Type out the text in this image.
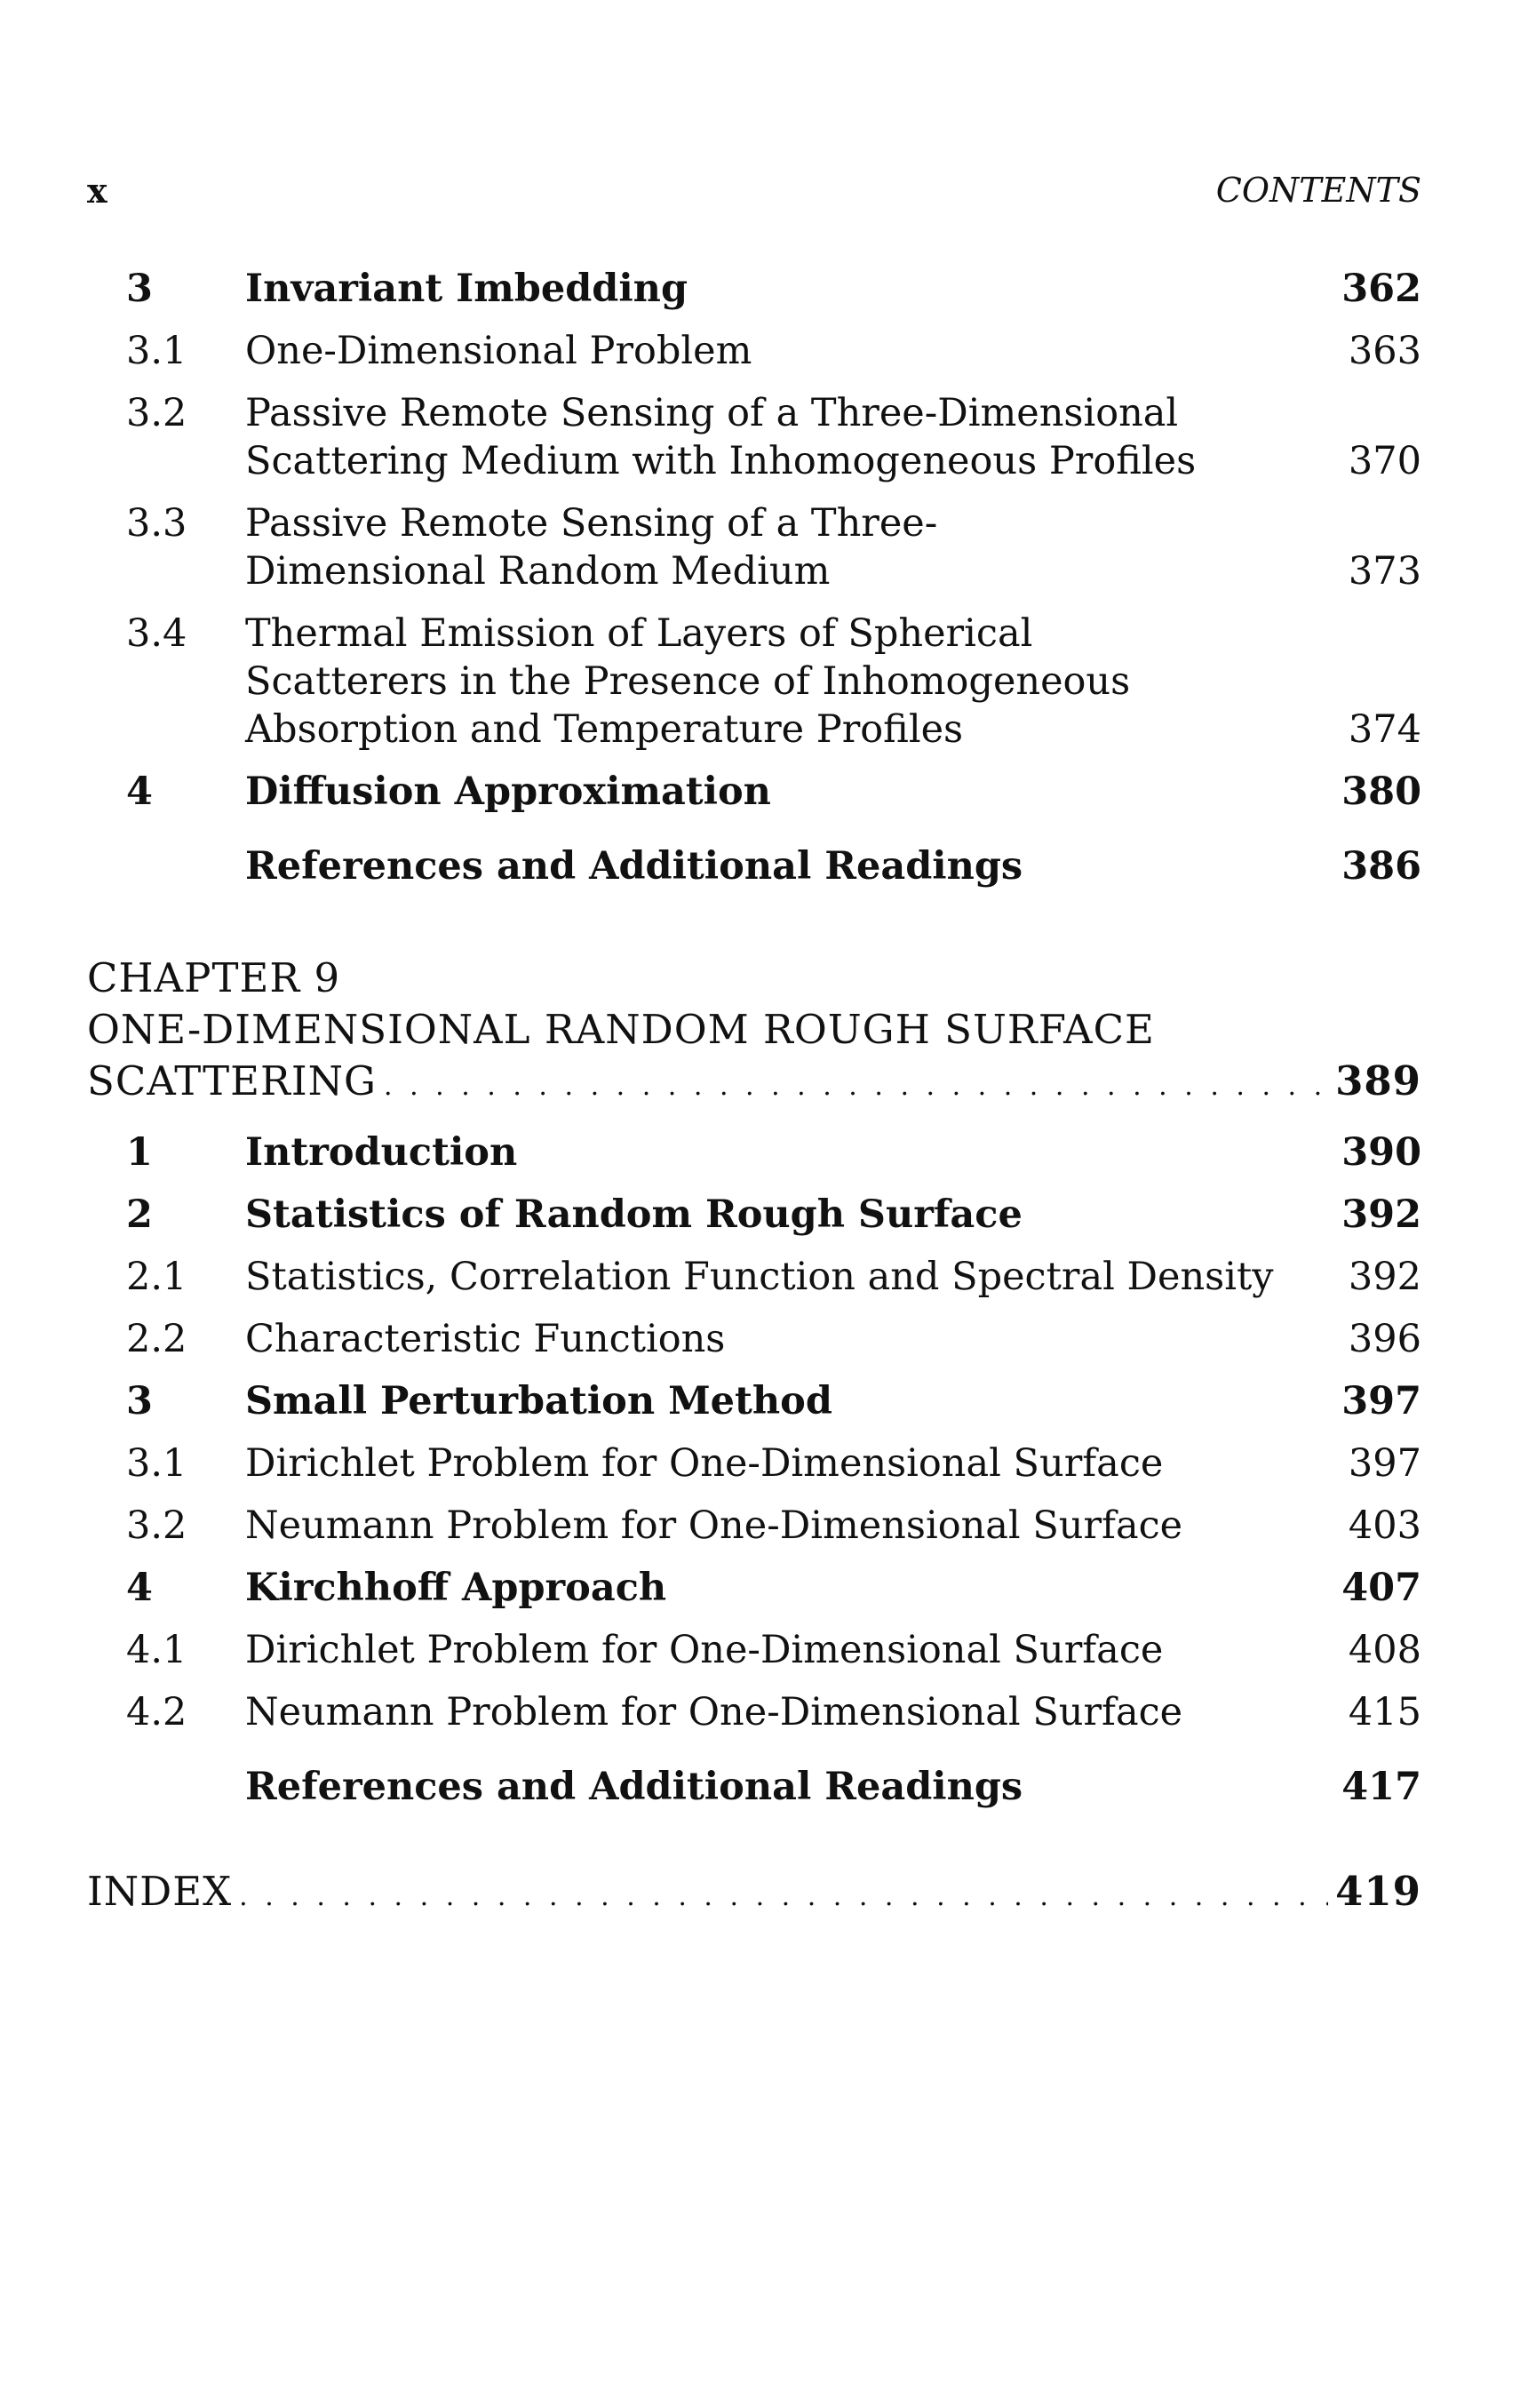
x	CONTENTS
3	Invariant Imbedding	362
3.1	One-Dimensional Problem	363
3.2	Passive Remote Sensing of a Three-Dimensional Scattering Medium with Inhomogeneous Profiles	370
3.3	Passive Remote Sensing of a Three-Dimensional Random Medium	373
3.4	Thermal Emission of Layers of Spherical Scatterers in the Presence of Inhomogeneous Absorption and Temperature Profiles	374
4	Diffusion Approximation	380
References and Additional Readings	386
CHAPTER 9
ONE-DIMENSIONAL RANDOM ROUGH SURFACE
SCATTERING . . .	389
1	Introduction	390
2	Statistics of Random Rough Surface	392
2.1	Statistics, Correlation Function and Spectral Density	392
2.2	Characteristic Functions	396
3	Small Perturbation Method	397
3.1	Dirichlet Problem for One-Dimensional Surface	397
3.2	Neumann Problem for One-Dimensional Surface	403
4	Kirchhoff Approach	407
4.1	Dirichlet Problem for One-Dimensional Surface	408
4.2	Neumann Problem for One-Dimensional Surface	415
References and Additional Readings	417
INDEX . . .	419
